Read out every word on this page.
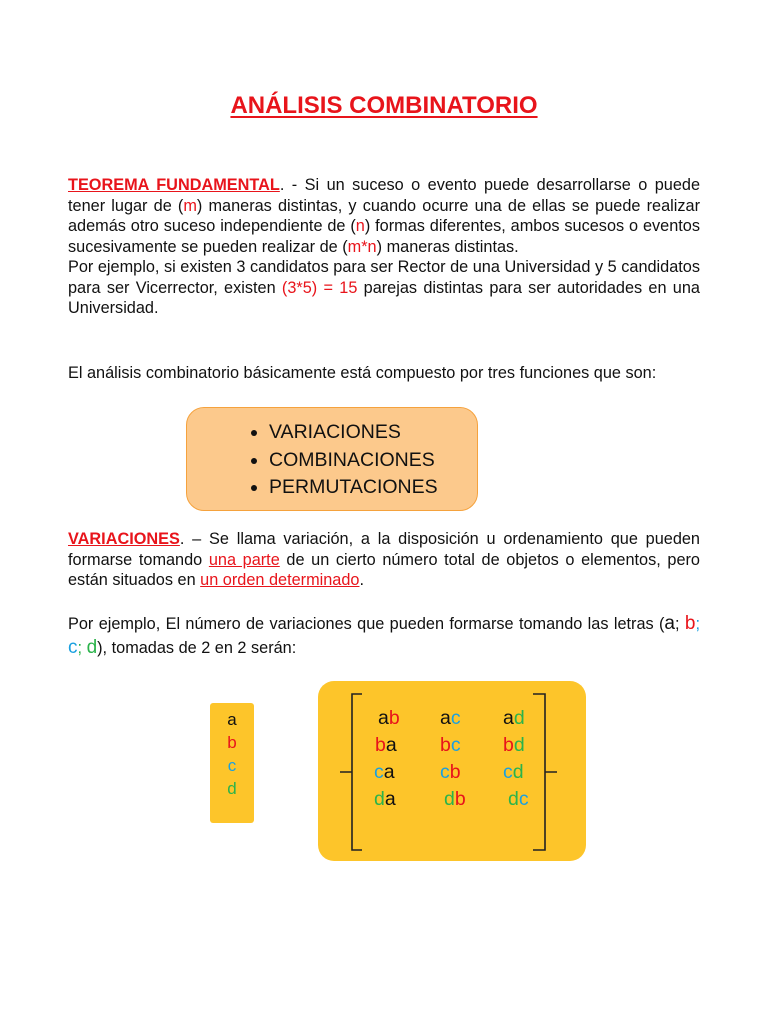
ANÁLISIS COMBINATORIO

TEOREMA FUNDAMENTAL. - Si un suceso o evento puede desarrollarse o puede tener lugar de (m) maneras distintas, y cuando ocurre una de ellas se puede realizar además otro suceso independiente de (n) formas diferentes, ambos sucesos o eventos sucesivamente se pueden realizar de (m*n) maneras distintas.
Por ejemplo, si existen 3 candidatos para ser Rector de una Universidad y 5 candidatos para ser Vicerrector, existen (3*5) = 15 parejas distintas para ser autoridades en una Universidad.

El análisis combinatorio básicamente está compuesto por tres funciones que son:

• VARIACIONES
• COMBINACIONES
• PERMUTACIONES

VARIACIONES. – Se llama variación, a la disposición u ordenamiento que pueden formarse tomando una parte de un cierto número total de objetos o elementos, pero están situados en un orden determinado.

Por ejemplo, El número de variaciones que pueden formarse tomando las letras (a; b; c; d), tomadas de 2 en 2 serán:

a
b
c
d
ab ac ad
ba bc bd
ca cb cd
da db dc
